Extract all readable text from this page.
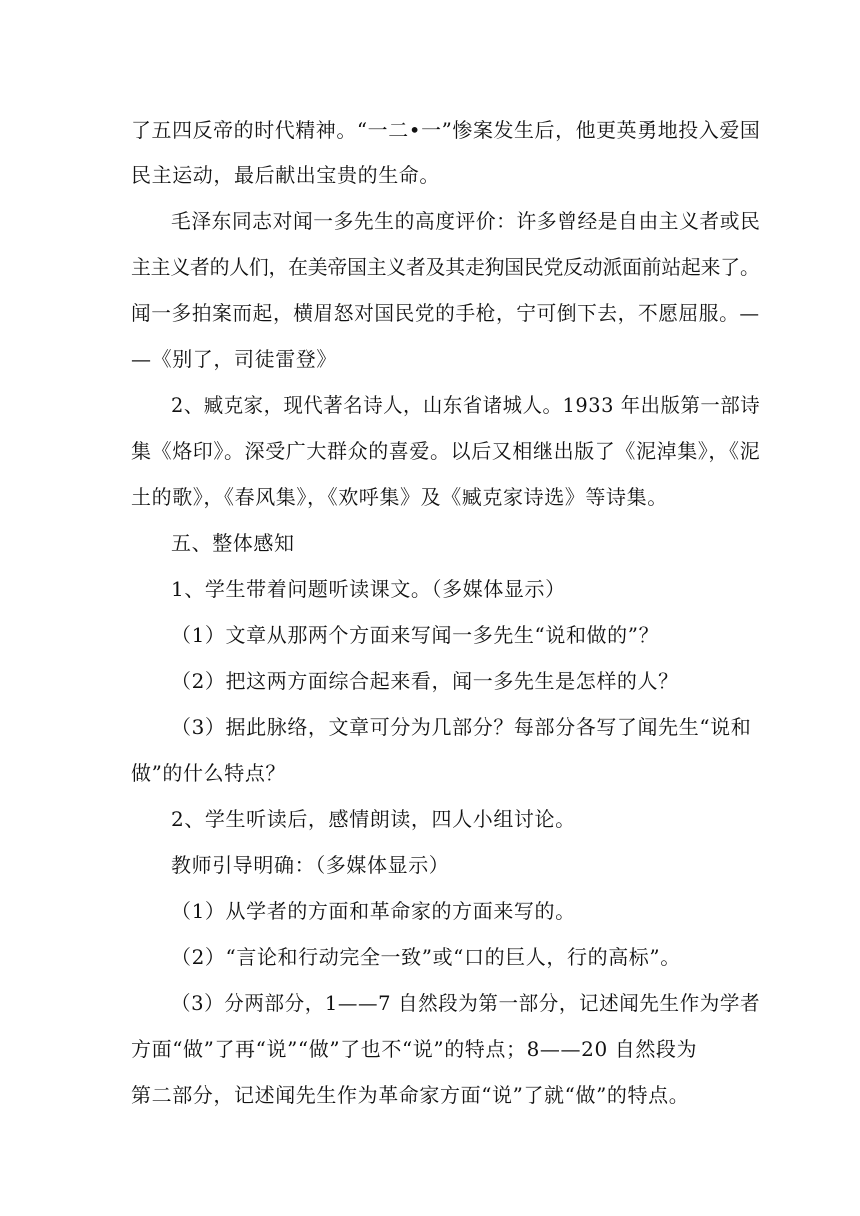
了五四反帝的时代精神。“一二•一”惨案发生后，他更英勇地投入爱国
民主运动，最后献出宝贵的生命。
毛泽东同志对闻一多先生的高度评价：许多曾经是自由主义者或民
主主义者的人们，在美帝国主义者及其走狗国民党反动派面前站起来了。
闻一多拍案而起，横眉怒对国民党的手枪，宁可倒下去，不愿屈服。—
—《别了，司徒雷登》
2、臧克家，现代著名诗人，山东省诸城人。1933 年出版第一部诗
集《烙印》。深受广大群众的喜爱。以后又相继出版了《泥淖集》，《泥
土的歌》，《春风集》，《欢呼集》及《臧克家诗选》等诗集。
五、整体感知
1、学生带着问题听读课文。（多媒体显示）
（1）文章从那两个方面来写闻一多先生“说和做的”？
（2）把这两方面综合起来看，闻一多先生是怎样的人？
（3）据此脉络，文章可分为几部分？每部分各写了闻先生“说和
做”的什么特点？
2、学生听读后，感情朗读，四人小组讨论。
教师引导明确：（多媒体显示）
（1）从学者的方面和革命家的方面来写的。
（2）“言论和行动完全一致”或“口的巨人，行的高标”。
（3）分两部分，1——7 自然段为第一部分，记述闻先生作为学者
方面“做”了再“说”“做”了也不“说”的特点；8——20 自然段为
第二部分，记述闻先生作为革命家方面“说”了就“做”的特点。
